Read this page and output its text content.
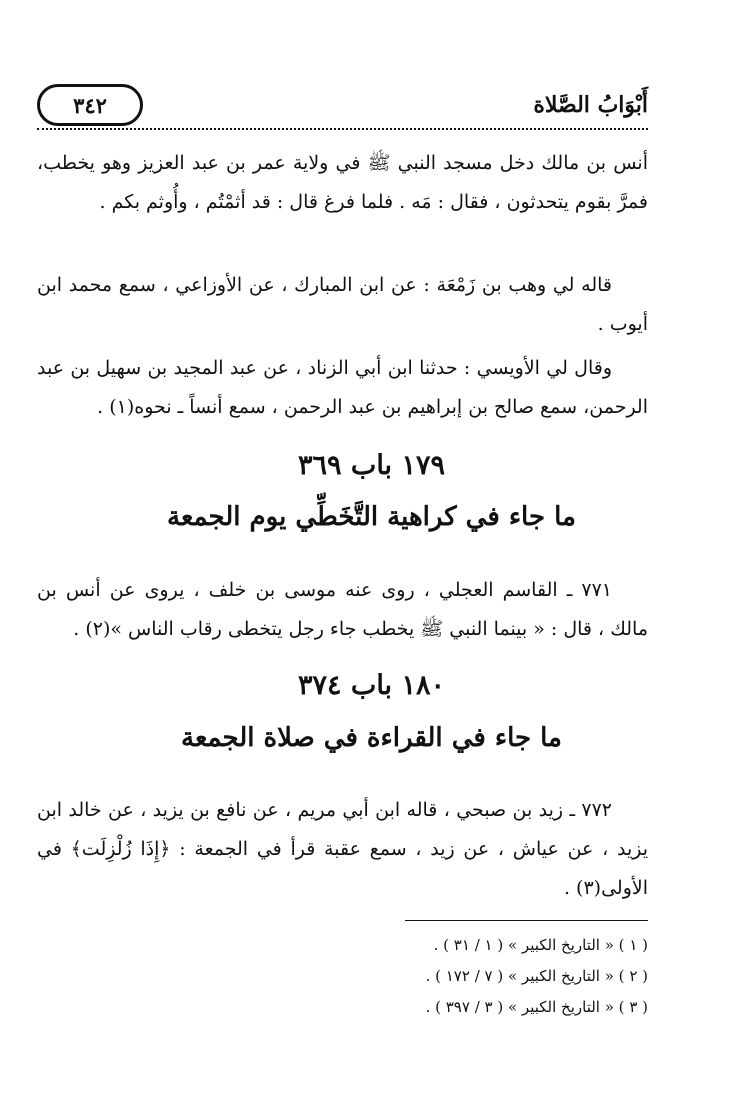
أَبْوَابُ الصَّلاة
٣٤٢

أنس بن مالك دخل مسجد النبي ﷺ في ولاية عمر بن عبد العزيز وهو يخطب، فمرَّ بقوم يتحدثون ، فقال : مَه . فلما فرغ قال : قد أثمْتُم ، وأُوثم بكم .

قاله لي وهب بن زَمْعَة : عن ابن المبارك ، عن الأوزاعي ، سمع محمد ابن أيوب .

وقال لي الأويسي : حدثنا ابن أبي الزناد ، عن عبد المجيد بن سهيل بن عبد الرحمن، سمع صالح بن إبراهيم بن عبد الرحمن ، سمع أنساً ـ نحوه(١) .

١٧٩ باب ٣٦٩
ما جاء في كراهية التَّخَطِّي يوم الجمعة

٧٧١ ـ القاسم العجلي ، روى عنه موسى بن خلف ، يروى عن أنس بن مالك ، قال : « بينما النبي ﷺ يخطب جاء رجل يتخطى رقاب الناس »(٢) .

١٨٠ باب ٣٧٤
ما جاء في القراءة في صلاة الجمعة

٧٧٢ ـ زيد بن صبحي ، قاله ابن أبي مريم ، عن نافع بن يزيد ، عن خالد ابن يزيد ، عن عياش ، عن زيد ، سمع عقبة قرأ في الجمعة : ﴿إِذَا زُلْزِلَت﴾ في الأولى(٣) .

( ١ ) « التاريخ الكبير » ( ١ / ٣١ ) .
( ٢ ) « التاريخ الكبير » ( ٧ / ١٧٢ ) .
( ٣ ) « التاريخ الكبير » ( ٣ / ٣٩٧ ) .
